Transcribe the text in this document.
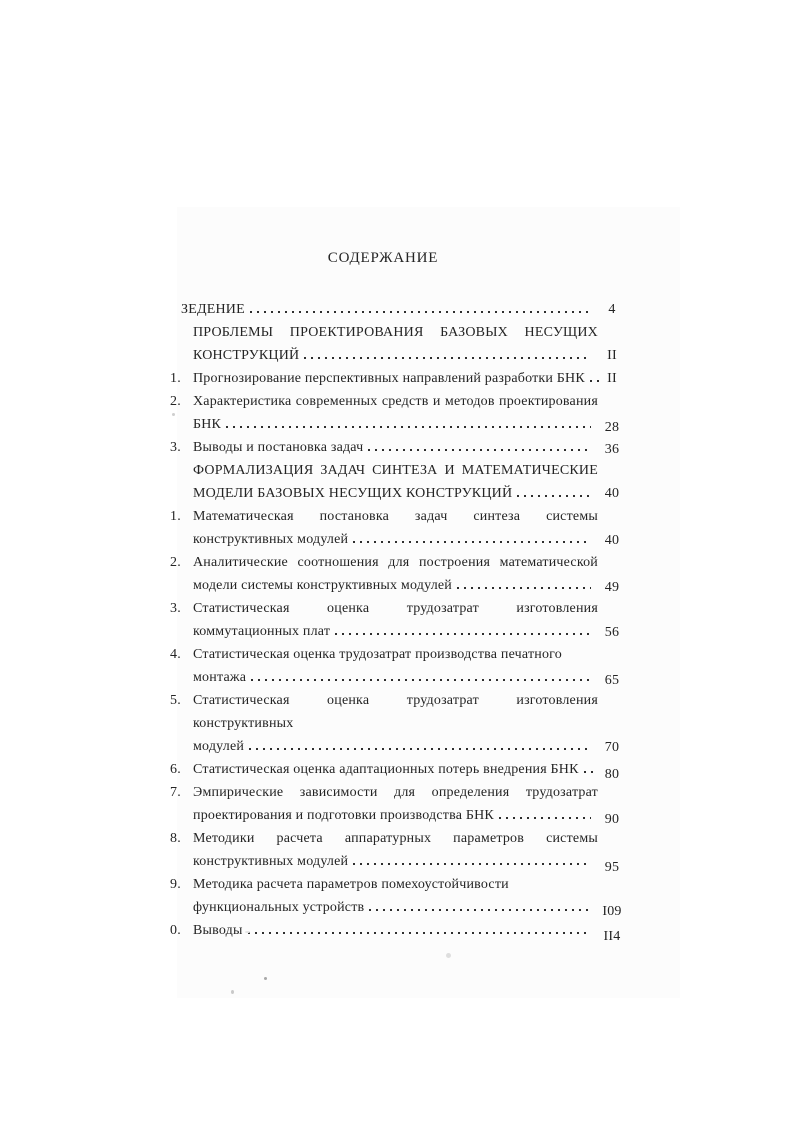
СОДЕРЖАНИЕ
ЗЕДЕНИЕ	4
ПРОБЛЕМЫ ПРОЕКТИРОВАНИЯ БАЗОВЫХ НЕСУЩИХ
КОНСТРУКЦИЙ	II
1. Прогнозирование перспективных направлений разработки БНК	II
2. Характеристика современных средств и методов проектирования
БНК	28
3. Выводы и постановка задач	36
ФОРМАЛИЗАЦИЯ ЗАДАЧ СИНТЕЗА И МАТЕМАТИЧЕСКИЕ
МОДЕЛИ БАЗОВЫХ НЕСУЩИХ КОНСТРУКЦИЙ	40
1. Математическая постановка задач синтеза системы
конструктивных модулей	40
2. Аналитические соотношения для построения математической
модели системы конструктивных модулей	49
3. Статистическая оценка трудозатрат изготовления
коммутационных плат	56
4. Статистическая оценка трудозатрат производства печатного
монтажа	65
5. Статистическая оценка трудозатрат изготовления конструктивных
модулей	70
6. Статистическая оценка адаптационных потерь внедрения БНК	80
7. Эмпирические зависимости для определения трудозатрат
проектирования и подготовки производства БНК	90
8. Методики расчета аппаратурных параметров системы
конструктивных модулей	95
9. Методика расчета параметров помехоустойчивости
функциональных устройств	I09
0. Выводы	II4
